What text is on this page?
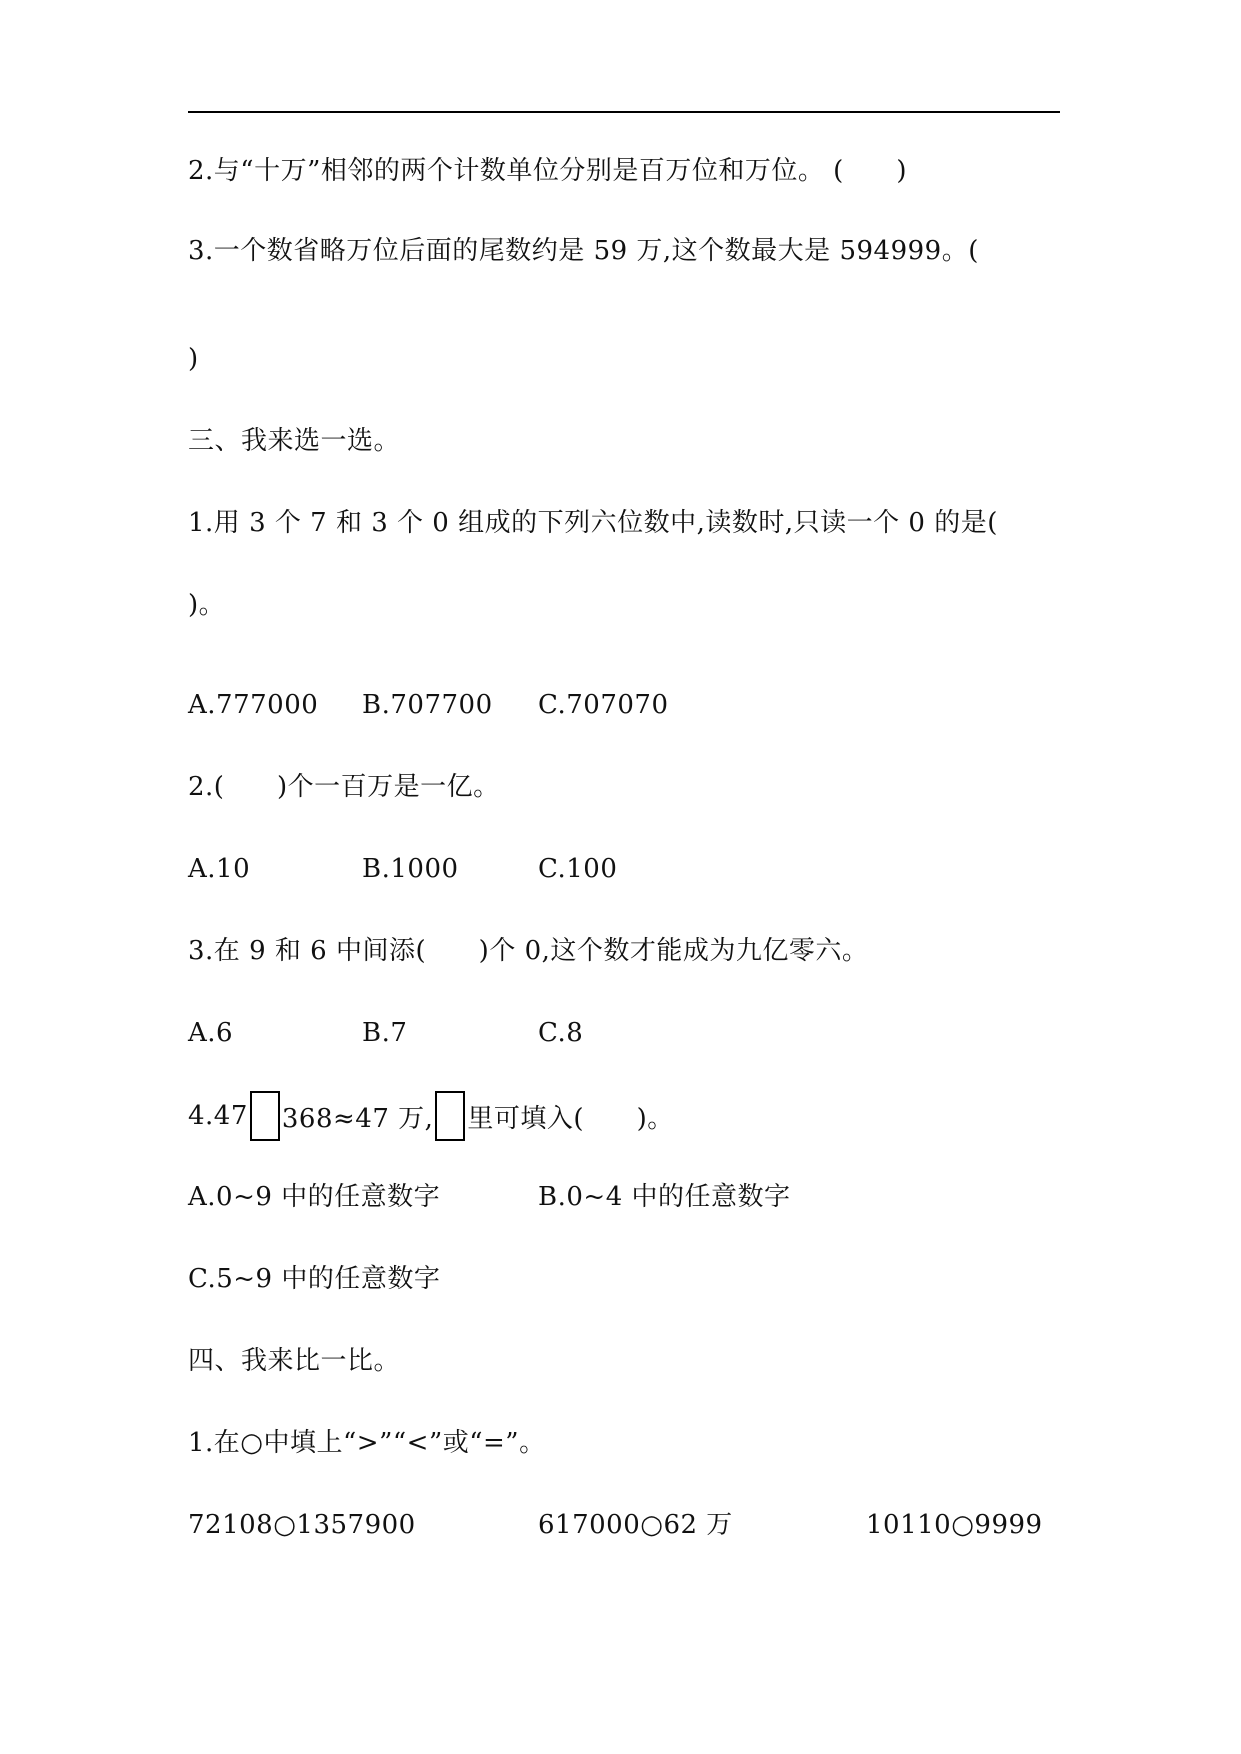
2.与“十万”相邻的两个计数单位分别是百万位和万位。 (      )
3.一个数省略万位后面的尾数约是 59 万,这个数最大是 594999。(
)
三、我来选一选。
1.用 3 个 7 和 3 个 0 组成的下列六位数中,读数时,只读一个 0 的是(
)。
A.777000 B.707700 C.707070
2.(      )个一百万是一亿。
A.10	B.1000	C.100
3.在 9 和 6 中间添(      )个 0,这个数才能成为九亿零六。
A.6	B.7	C.8
4.47 368≈47 万, 里可填入(      )。
A.0~9 中的任意数字	B.0~4 中的任意数字
C.5~9 中的任意数字
四、我来比一比。
1.在○中填上“>”“<”或“=”。
72108○1357900	617000○62 万	10110○9999
